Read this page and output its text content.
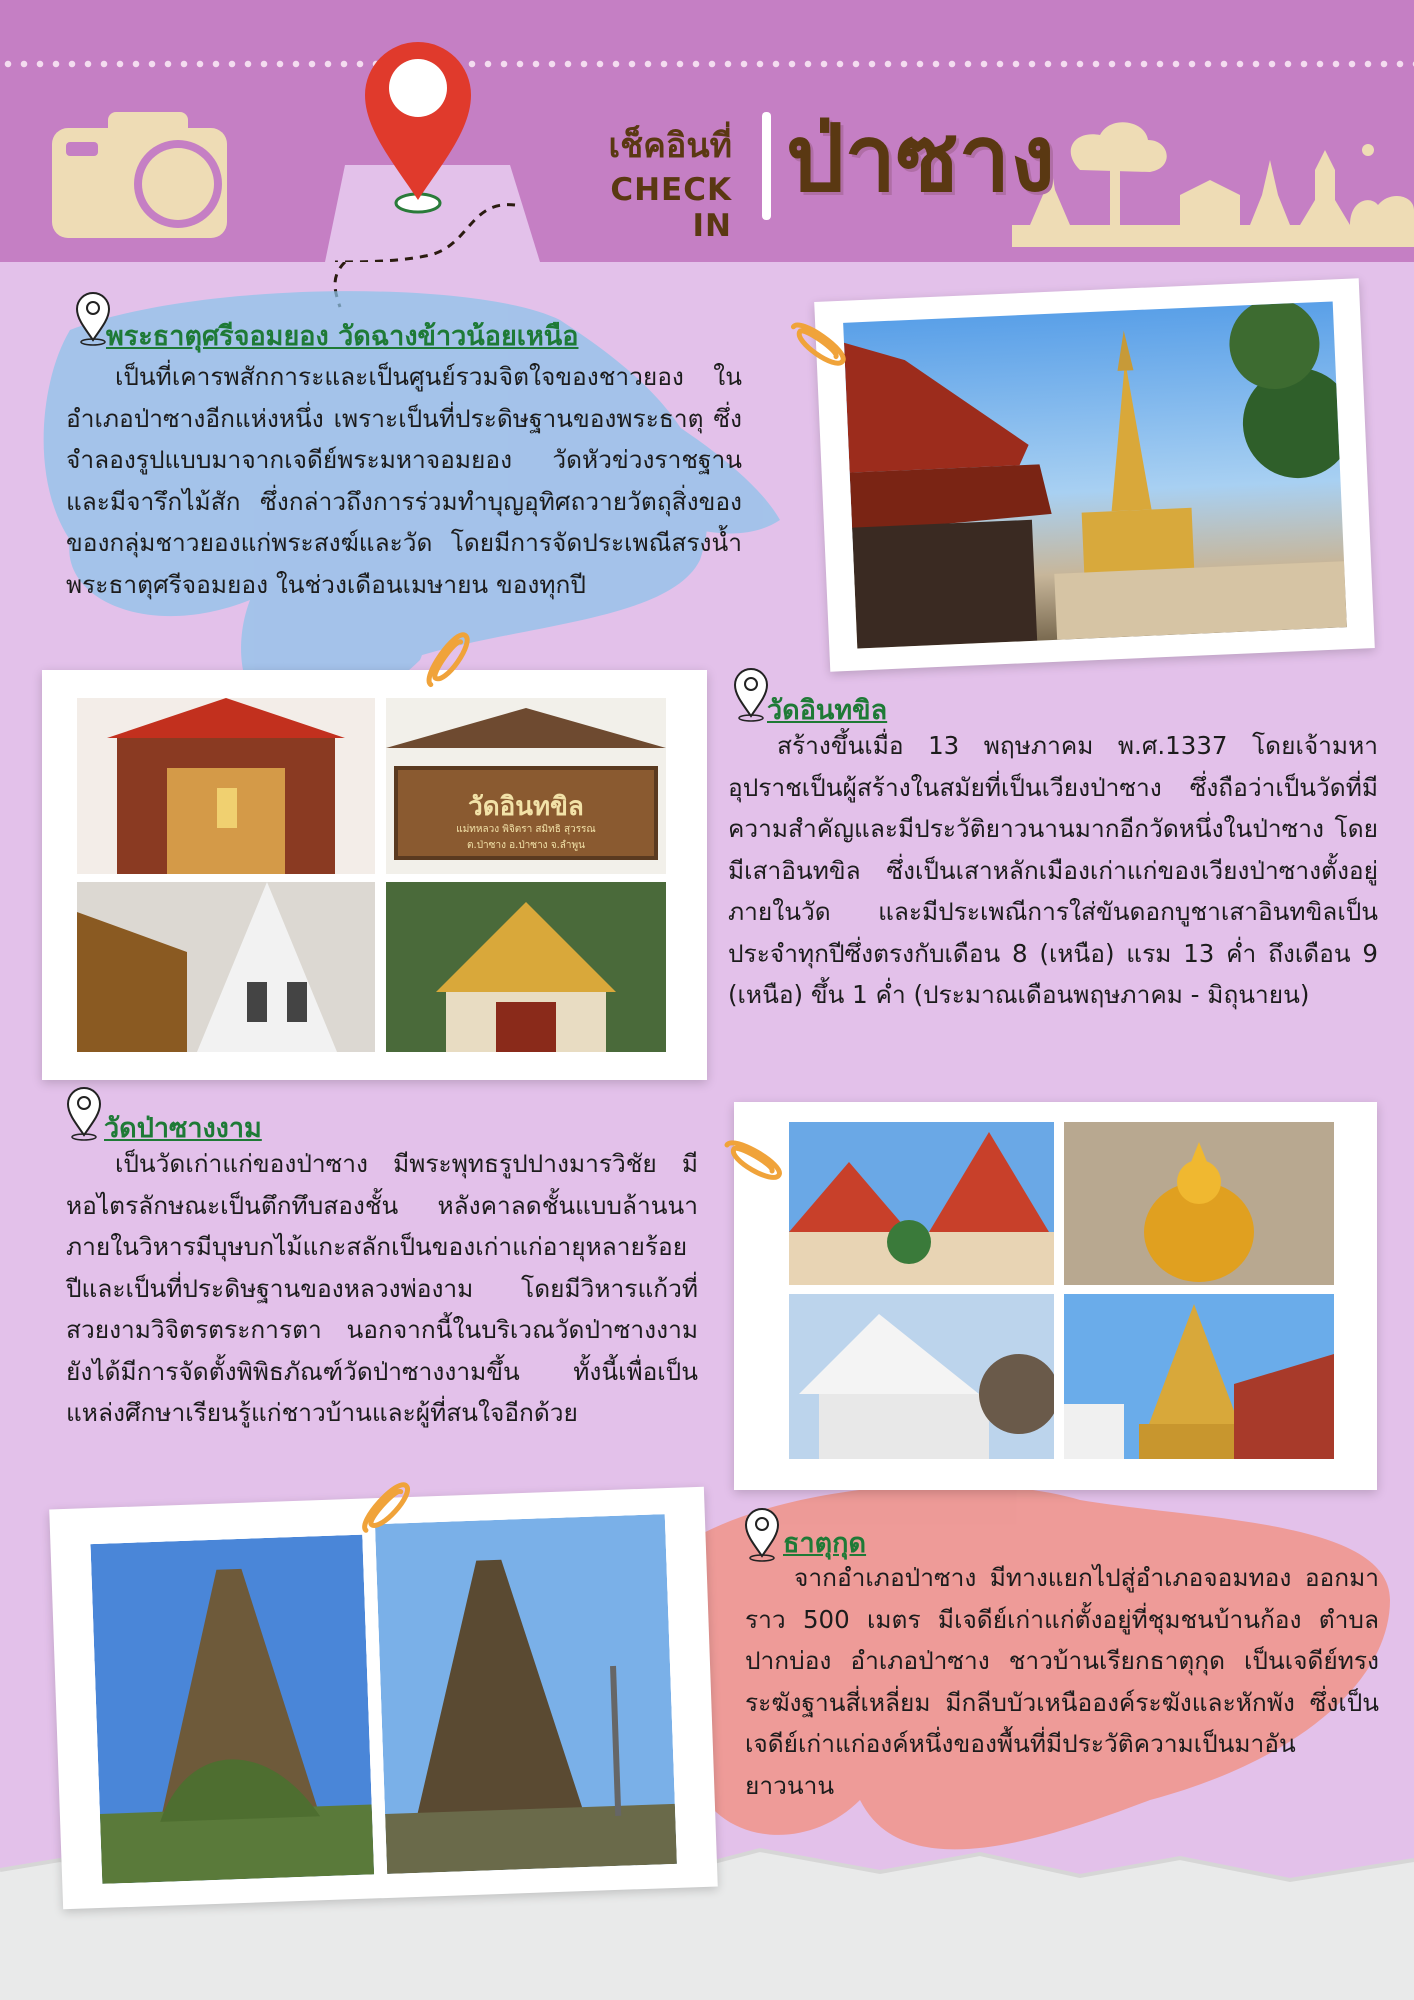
เช็คอินที่
CHECK IN
ป่าซาง
พระธาตุศรีจอมยอง วัดฉางข้าวน้อยเหนือ
เป็นที่เคารพสักการะและเป็นศูนย์รวมจิตใจของชาวยอง ในอำเภอป่าซางอีกแห่งหนึ่ง เพราะเป็นที่ประดิษฐานของพระธาตุ ซึ่งจำลองรูปแบบมาจากเจดีย์พระมหาจอมยอง วัดหัวข่วงราชฐาน และมีจารึกไม้สัก ซึ่งกล่าวถึงการร่วมทำบุญอุทิศถวายวัตถุสิ่งของของกลุ่มชาวยองแก่พระสงฆ์และวัด โดยมีการจัดประเพณีสรงน้ำพระธาตุศรีจอมยอง ในช่วงเดือนเมษายน ของทุกปี
วัดอินทขิล
แม่ทหลวง พิจิตรา สมิทธิ สุวรรณ
ต.ป่าซาง อ.ป่าซาง จ.ลำพูน
วัดอินทขิล
สร้างขึ้นเมื่อ 13 พฤษภาคม พ.ศ.1337 โดยเจ้ามหาอุปราชเป็นผู้สร้างในสมัยที่เป็นเวียงป่าซาง ซึ่งถือว่าเป็นวัดที่มีความสำคัญและมีประวัติยาวนานมากอีกวัดหนึ่งในป่าซาง โดยมีเสาอินทขิล ซึ่งเป็นเสาหลักเมืองเก่าแก่ของเวียงป่าซางตั้งอยู่ภายในวัด และมีประเพณีการใส่ขันดอกบูชาเสาอินทขิลเป็นประจำทุกปีซึ่งตรงกับเดือน 8 (เหนือ) แรม 13 ค่ำ ถึงเดือน 9 (เหนือ) ขึ้น 1 ค่ำ (ประมาณเดือนพฤษภาคม - มิถุนายน)
วัดป่าซางงาม
เป็นวัดเก่าแก่ของป่าซาง มีพระพุทธรูปปางมารวิชัย มีหอไตรลักษณะเป็นตึกทึบสองชั้น หลังคาลดชั้นแบบล้านนา ภายในวิหารมีบุษบกไม้แกะสลักเป็นของเก่าแก่อายุหลายร้อยปีและเป็นที่ประดิษฐานของหลวงพ่องาม โดยมีวิหารแก้วที่สวยงามวิจิตรตระการตา นอกจากนี้ในบริเวณวัดป่าซางงาม ยังได้มีการจัดตั้งพิพิธภัณฑ์วัดป่าซางงามขึ้น ทั้งนี้เพื่อเป็นแหล่งศึกษาเรียนรู้แก่ชาวบ้านและผู้ที่สนใจอีกด้วย
ธาตุกุด
จากอำเภอป่าซาง มีทางแยกไปสู่อำเภอจอมทอง ออกมาราว 500 เมตร มีเจดีย์เก่าแก่ตั้งอยู่ที่ชุมชนบ้านก้อง ตำบลปากบ่อง อำเภอป่าซาง ชาวบ้านเรียกธาตุกุด เป็นเจดีย์ทรงระฆังฐานสี่เหลี่ยม มีกลีบบัวเหนือองค์ระฆังและหักพัง ซึ่งเป็นเจดีย์เก่าแก่องค์หนึ่งของพื้นที่มีประวัติความเป็นมาอันยาวนาน
